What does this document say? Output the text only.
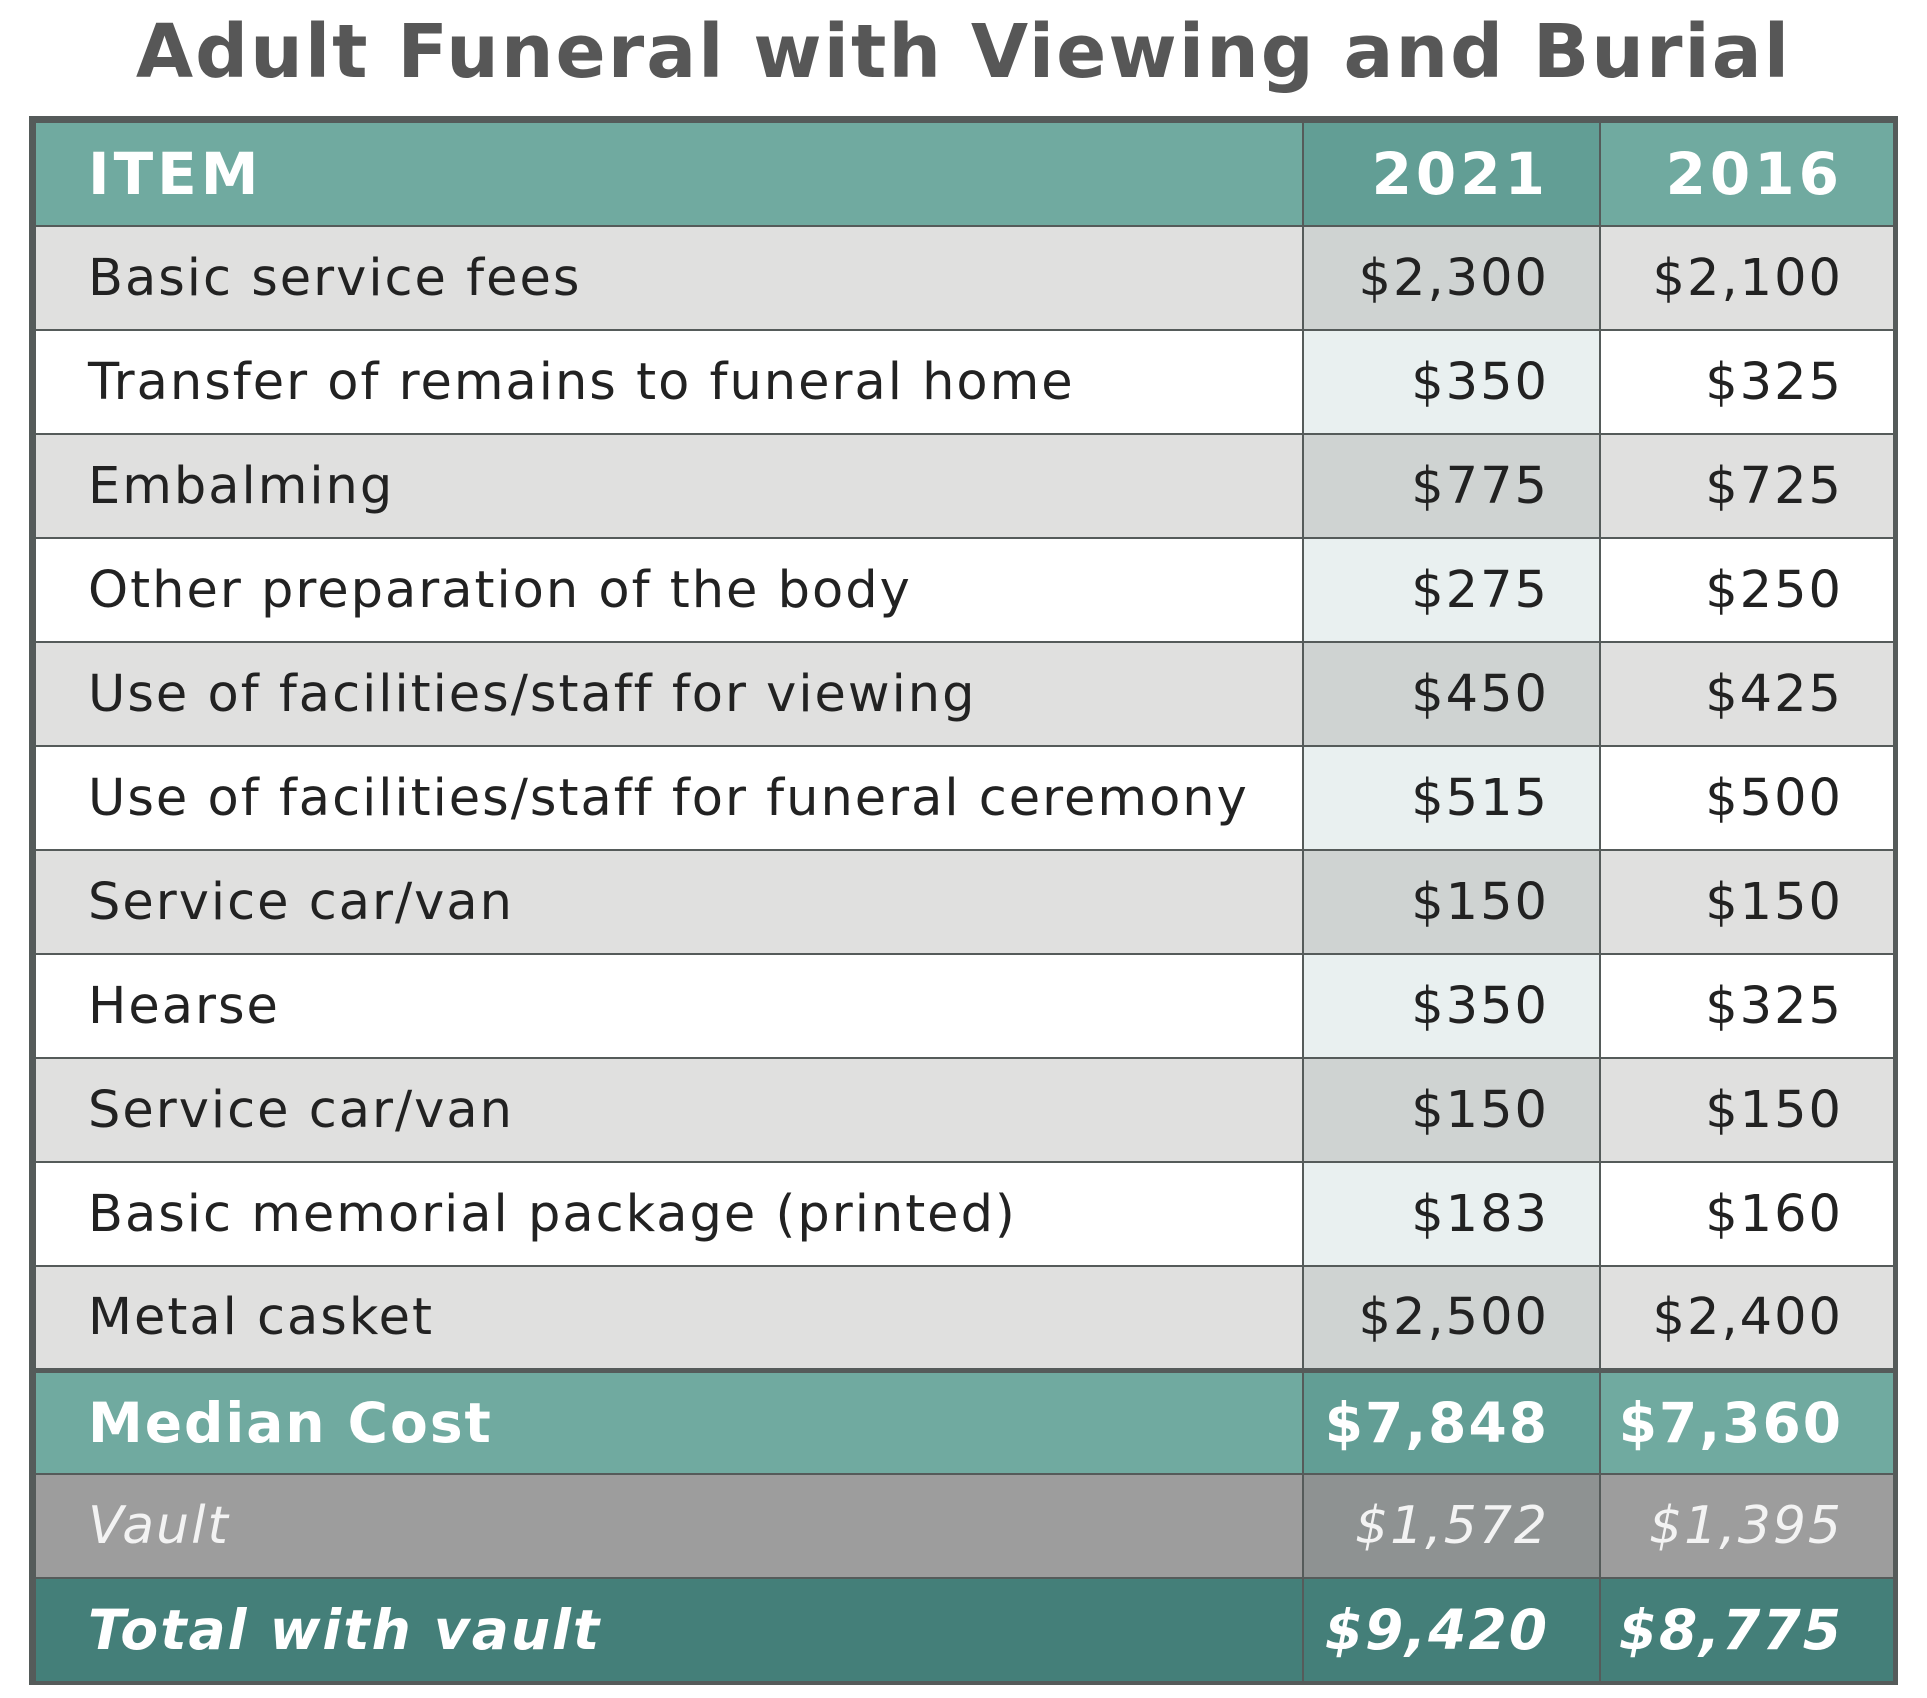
Adult Funeral with Viewing and Burial
ITEM	2021	2016
Basic service fees	$2,300	$2,100
Transfer of remains to funeral home	$350	$325
Embalming	$775	$725
Other preparation of the body	$275	$250
Use of facilities/staff for viewing	$450	$425
Use of facilities/staff for funeral ceremony	$515	$500
Service car/van	$150	$150
Hearse	$350	$325
Service car/van	$150	$150
Basic memorial package (printed)	$183	$160
Metal casket	$2,500	$2,400
Median Cost	$7,848	$7,360
Vault	$1,572	$1,395
Total with vault	$9,420	$8,775
